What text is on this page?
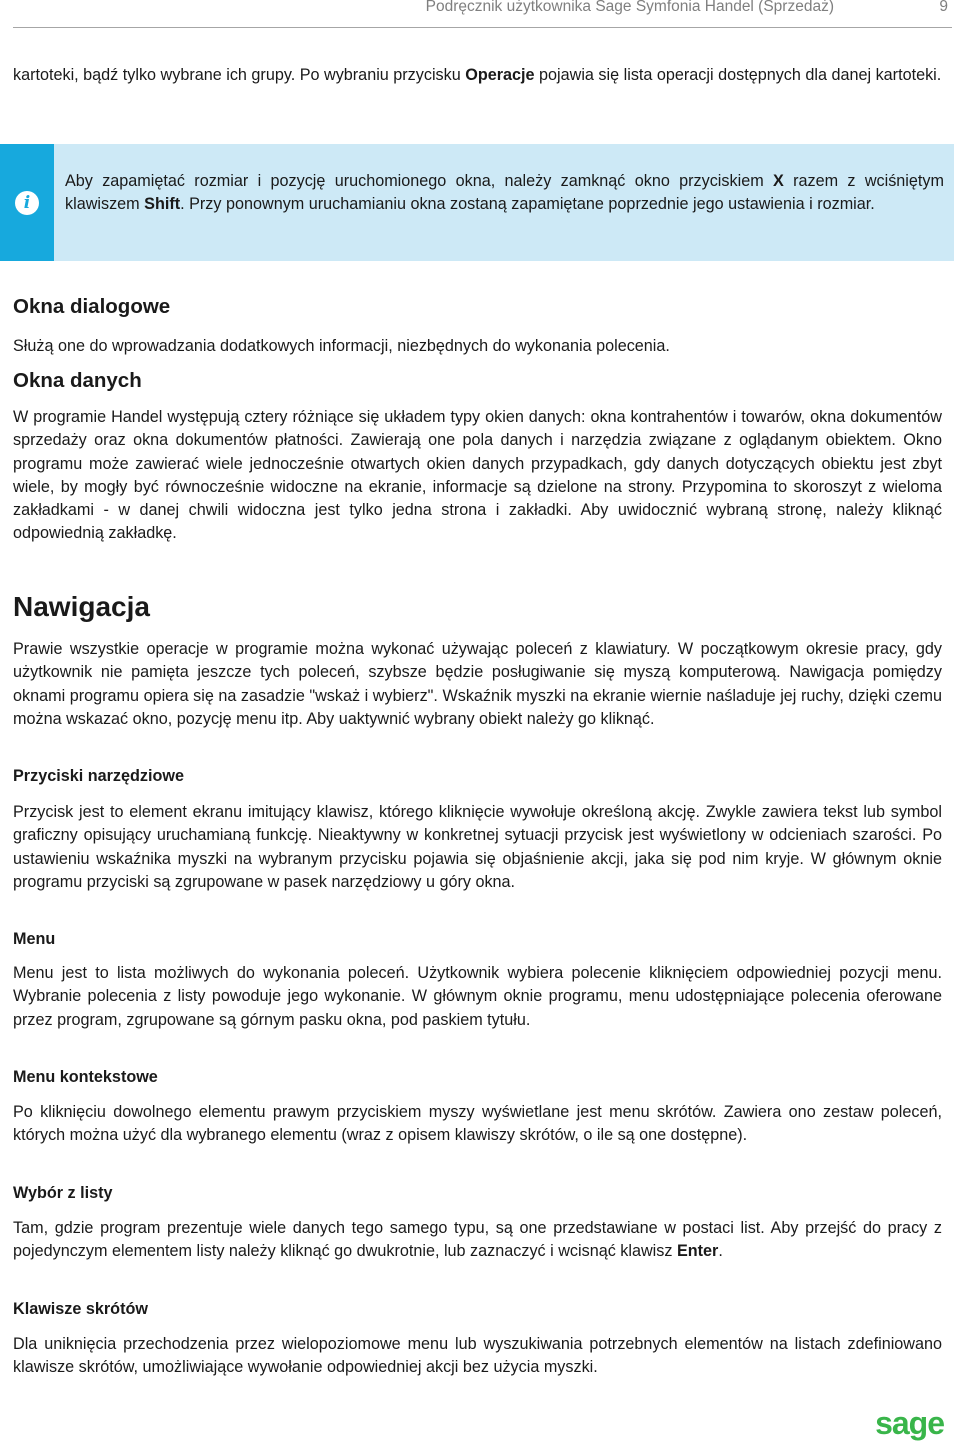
Podręcznik użytkownika Sage Symfonia Handel (Sprzedaż)	9

kartoteki, bądź tylko wybrane ich grupy. Po wybraniu przycisku Operacje pojawia się lista operacji dostępnych dla danej kartoteki.

i

Aby zapamiętać rozmiar i pozycję uruchomionego okna, należy zamknąć okno przyciskiem X razem z wciśniętym klawiszem Shift. Przy ponownym uruchamianiu okna zostaną zapamiętane poprzednie jego ustawienia i rozmiar.

Okna dialogowe

Służą one do wprowadzania dodatkowych informacji, niezbędnych do wykonania polecenia.

Okna danych

W programie Handel występują cztery różniące się układem typy okien danych: okna kontrahentów i towarów, okna dokumentów sprzedaży oraz okna dokumentów płatności. Zawierają one pola danych i narzędzia związane z oglądanym obiektem. Okno programu może zawierać wiele jednocześnie otwartych okien danych przypadkach, gdy danych dotyczących obiektu jest zbyt wiele, by mogły być równocześnie widoczne na ekranie, informacje są dzielone na strony. Przypomina to skoroszyt z wieloma zakładkami - w danej chwili widoczna jest tylko jedna strona i zakładki. Aby uwidocznić wybraną stronę, należy kliknąć odpowiednią zakładkę.

Nawigacja

Prawie wszystkie operacje w programie można wykonać używając poleceń z klawiatury. W początkowym okresie pracy, gdy użytkownik nie pamięta jeszcze tych poleceń, szybsze będzie posługiwanie się myszą komputerową. Nawigacja pomiędzy oknami programu opiera się na zasadzie "wskaż i wybierz". Wskaźnik myszki na ekranie wiernie naśladuje jej ruchy, dzięki czemu można wskazać okno, pozycję menu itp. Aby uaktywnić wybrany obiekt należy go kliknąć.

Przyciski narzędziowe

Przycisk jest to element ekranu imitujący klawisz, którego kliknięcie wywołuje określoną akcję. Zwykle zawiera tekst lub symbol graficzny opisujący uruchamianą funkcję. Nieaktywny w konkretnej sytuacji przycisk jest wyświetlony w odcieniach szarości. Po ustawieniu wskaźnika myszki na wybranym przycisku pojawia się objaśnienie akcji, jaka się pod nim kryje. W głównym oknie programu przyciski są zgrupowane w pasek narzędziowy u góry okna.

Menu

Menu jest to lista możliwych do wykonania poleceń. Użytkownik wybiera polecenie kliknięciem odpowiedniej pozycji menu. Wybranie polecenia z listy powoduje jego wykonanie. W głównym oknie programu, menu udostępniające polecenia oferowane przez program, zgrupowane są górnym pasku okna, pod paskiem tytułu.

Menu kontekstowe

Po kliknięciu dowolnego elementu prawym przyciskiem myszy wyświetlane jest menu skrótów. Zawiera ono zestaw poleceń, których można użyć dla wybranego elementu (wraz z opisem klawiszy skrótów, o ile są one dostępne).

Wybór z listy

Tam, gdzie program prezentuje wiele danych tego samego typu, są one przedstawiane w postaci list. Aby przejść do pracy z pojedynczym elementem listy należy kliknąć go dwukrotnie, lub zaznaczyć i wcisnąć klawisz Enter.

Klawisze skrótów

Dla uniknięcia przechodzenia przez wielopoziomowe menu lub wyszukiwania potrzebnych elementów na listach zdefiniowano klawisze skrótów, umożliwiające wywołanie odpowiedniej akcji bez użycia myszki.

sage
